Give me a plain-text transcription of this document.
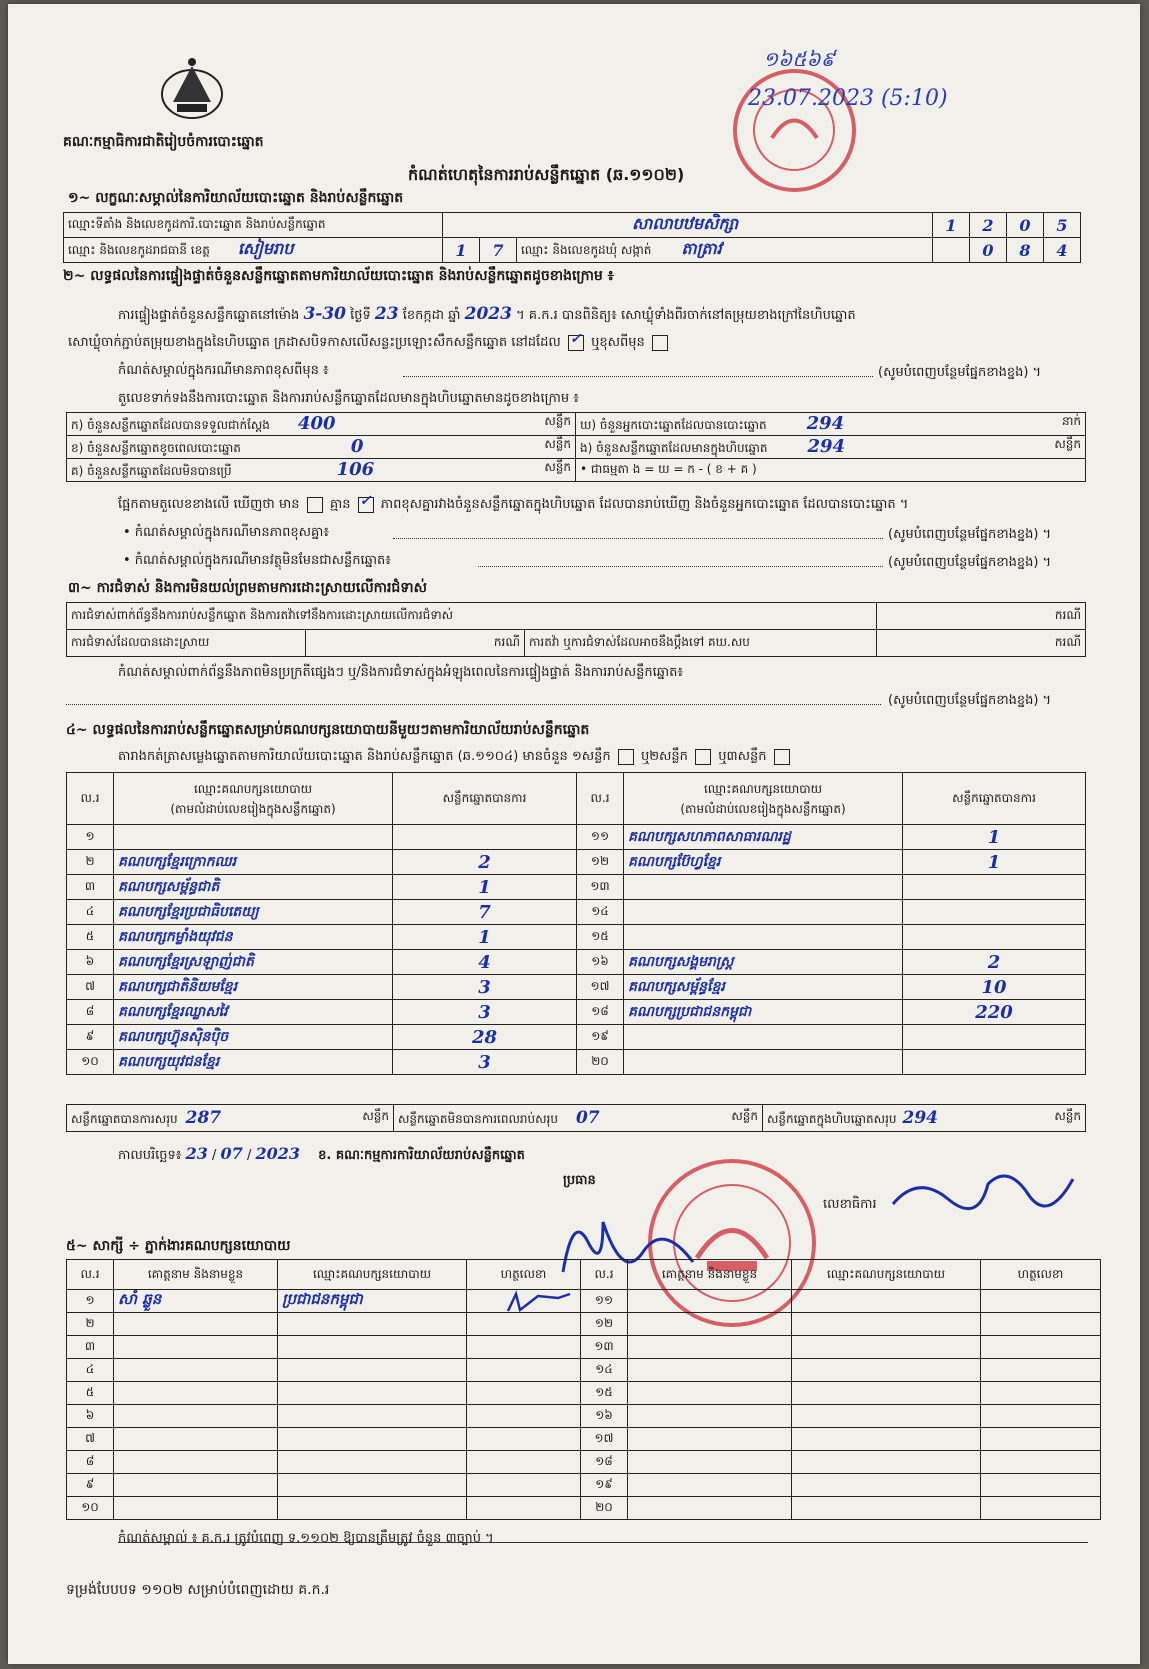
គណៈកម្មាធិការជាតិរៀបចំការបោះឆ្នោត
កំណត់ហេតុនៃការរាប់សន្លឹកឆ្នោត (ឆ.១១០២)
១៦៥៦៩
23.07.2023 (5:10)
១~ លក្ខណៈសម្គាល់នៃការិយាល័យបោះឆ្នោត និងរាប់សន្លឹកឆ្នោត
ឈ្មោះទីតាំង និងលេខកូដការិ.បោះឆ្នោត និងរាប់សន្លឹកឆ្នោត	សាលាបឋមសិក្សា			1	2	0	5
ឈ្មោះ និងលេខកូដរាជធានី ខេត្ត សៀមរាប	1	7	ឈ្មោះ និងលេខកូដឃុំ សង្កាត់ តាត្រាវ		0	8	4
២~ លទ្ធផលនៃការផ្ទៀងផ្ទាត់ចំនួនសន្លឹកឆ្នោតតាមការិយាល័យបោះឆ្នោត និងរាប់សន្លឹកឆ្នោតដូចខាងក្រោម ៖
ការផ្ទៀងផ្ទាត់ចំនួនសន្លឹកឆ្នោតនៅម៉ោង 3-30 ថ្ងៃទី 23 ខែកក្កដា ឆ្នាំ 2023 ។ គ.ក.រ បានពិនិត្យ៖ សោឃ្លុំទាំងពីរចាក់នៅតម្រុយខាងក្រៅនៃហិបឆ្នោត
សោឃ្លុំចាក់ភ្ជាប់តម្រុយខាងក្នុងនៃហិបឆ្នោត ក្រដាសបិទកាសលើសន្លះប្រឡោះសឹកសន្លឹកឆ្នោត នៅដដែល ✓ ឬខុសពីមុន
កំណត់សម្គាល់ក្នុងករណីមានភាពខុសពីមុន ៖	(សូមបំពេញបន្ថែមផ្នែកខាងខ្នង) ។
តួលេខទាក់ទងនឹងការបោះឆ្នោត និងការរាប់សន្លឹកឆ្នោតដែលមានក្នុងហិបឆ្នោតមានដូចខាងក្រោម ៖
ក) ចំនួនសន្លឹកឆ្នោតដែលបានទទួលជាក់ស្តែង 400 សន្លឹក	ឃ) ចំនួនអ្នកបោះឆ្នោតដែលបានបោះឆ្នោត 294 នាក់

ខ) ចំនួនសន្លឹកឆ្នោតខូចពេលបោះឆ្នោត 0 សន្លឹក	ង) ចំនួនសន្លឹកឆ្នោតដែលមានក្នុងហិបឆ្នោត 294 សន្លឹក

គ) ចំនួនសន្លឹកឆ្នោតដែលមិនបានប្រើ 106 សន្លឹក	• ជាធម្មតា ង = ឃ = ក - ( ខ + គ )
ផ្អែកតាមតួលេខខាងលើ ឃើញថា មាន គ្មាន ✓ ភាពខុសគ្នារវាងចំនួនសន្លឹកឆ្នោតក្នុងហិបឆ្នោត ដែលបានរាប់ឃើញ និងចំនួនអ្នកបោះឆ្នោត ដែលបានបោះឆ្នោត ។
• កំណត់សម្គាល់ក្នុងករណីមានភាពខុសគ្នា៖	(សូមបំពេញបន្ថែមផ្នែកខាងខ្នង) ។
• កំណត់សម្គាល់ក្នុងករណីមានវត្ថុមិនមែនជាសន្លឹកឆ្នោត៖	(សូមបំពេញបន្ថែមផ្នែកខាងខ្នង) ។
៣~ ការជំទាស់ និងការមិនយល់ព្រមតាមការដោះស្រាយលើការជំទាស់
ការជំទាស់ពាក់ព័ន្ធនឹងការរាប់សន្លឹកឆ្នោត និងការតវ៉ាទៅនឹងការដោះស្រាយលើការជំទាស់			ករណី
ការជំទាស់ដែលបានដោះស្រាយ	ករណី	ការតវ៉ា ឬការជំទាស់ដែលអាចនឹងប្តឹងទៅ គឃ.សប	ករណី
កំណត់សម្គាល់ពាក់ព័ន្ធនឹងភាពមិនប្រក្រតីផ្សេងៗ ឬ/និងការជំទាស់ក្នុងអំឡុងពេលនៃការផ្ទៀងផ្ទាត់ និងការរាប់សន្លឹកឆ្នោត៖
(សូមបំពេញបន្ថែមផ្នែកខាងខ្នង) ។
៤~ លទ្ធផលនៃការរាប់សន្លឹកឆ្នោតសម្រាប់គណបក្សនយោបាយនីមួយៗតាមការិយាល័យរាប់សន្លឹកឆ្នោត
តារាងកត់ត្រាសម្លេងឆ្នោតតាមការិយាល័យបោះឆ្នោត និងរាប់សន្លឹកឆ្នោត (ឆ.១១០៤) មានចំនួន ១សន្លឹក ឬ២សន្លឹក ឬ៣សន្លឹក
ល.រ	ឈ្មោះគណបក្សនយោបាយ
(តាមលំដាប់លេខរៀងក្នុងសន្លឹកឆ្នោត)	សន្លឹកឆ្នោតបានការ	ល.រ	ឈ្មោះគណបក្សនយោបាយ
(តាមលំដាប់លេខរៀងក្នុងសន្លឹកឆ្នោត)	សន្លឹកឆ្នោតបានការ
១			១១	គណបក្សសហភាពសាធារណរដ្ឋ	1
២	គណបក្សខ្មែរក្រោកឈរ	2	១២	គណបក្សប៊ែហ្វខ្មែរ	1
៣	គណបក្សសម្ព័ន្ធជាតិ	1	១៣		
៤	គណបក្សខ្មែរប្រជាធិបតេយ្យ	7	១៤		
៥	គណបក្សកម្លាំងយុវជន	1	១៥		
៦	គណបក្សខ្មែរស្រឡាញ់ជាតិ	4	១៦	គណបក្សសង្គមរាស្រ្ត	2
៧	គណបក្សជាតិនិយមខ្មែរ	3	១៧	គណបក្សសម្ព័ន្ធខ្មែរ	10
៨	គណបក្សខ្មែរឈ្លាសវៃ	3	១៨	គណបក្សប្រជាជនកម្ពុជា	220
៩	គណបក្សហ៊្វុនស៊ិនប៉ិច	28	១៩		
១០	គណបក្សយុវជនខ្មែរ	3	២០		
សន្លឹកឆ្នោតបានការសរុប 287	សន្លឹក	សន្លឹកឆ្នោតមិនបានការពេលរាប់សរុប 07	សន្លឹក	សន្លឹកឆ្នោតក្នុងហិបឆ្នោតសរុប 294	សន្លឹក
កាលបរិច្ឆេទ៖ 23 / 07 / 2023 ខ. គណៈកម្មការការិយាល័យរាប់សន្លឹកឆ្នោត
ប្រធាន
លេខាធិការ
៥~ សាក្សី ÷ ភ្នាក់ងារគណបក្សនយោបាយ
ល.រ	គោត្តនាម និងនាមខ្លួន	ឈ្មោះគណបក្សនយោបាយ	ហត្ថលេខា	ល.រ	គោត្តនាម និងនាមខ្លួន	ឈ្មោះគណបក្សនយោបាយ	ហត្ថលេខា
១	សាំ ឆ្លួន	ប្រជាជនកម្ពុជា		១១			
២				១២			
៣				១៣			
៤				១៤			
៥				១៥			
៦				១៦			
៧				១៧			
៨				១៨			
៩				១៩			
១០				២០			
កំណត់សម្គាល់ ៖ គ.ក.រ ត្រូវបំពេញ ទ.១១០២ ឱ្យបានត្រឹមត្រូវ ចំនួន ៣ច្បាប់ ។
ទម្រង់បែបបទ ១១០២ សម្រាប់បំពេញដោយ គ.ក.រ
